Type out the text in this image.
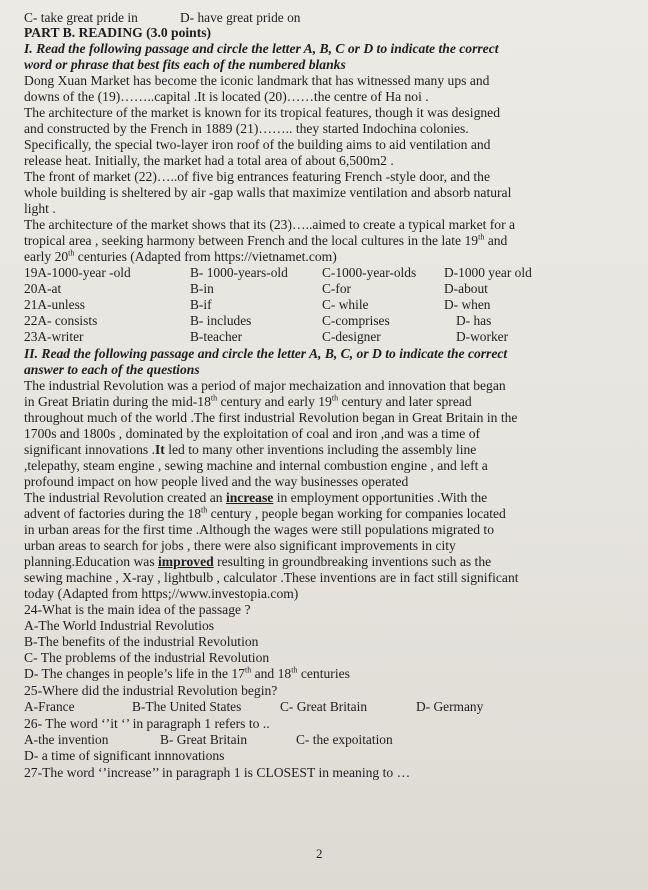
C- take great pride in	D- have great pride on
PART B. READING (3.0 points)
I. Read the following passage and circle the letter A, B, C or D to indicate the correct
word or phrase that best fits each of the numbered blanks
Dong Xuan Market has become the iconic landmark that has witnessed many ups and
downs of the (19)……..capital .It is located (20)……the centre of Ha noi .
The architecture of the market is known for its tropical features, though it was designed
and constructed by the French in 1889 (21)…….. they started Indochina colonies.
Specifically, the special two-layer iron roof of the building aims to aid ventilation and
release heat. Initially, the market had a total area of about 6,500m2 .
The front of market (22)…..of five big entrances featuring French -style door, and the
whole building is sheltered by air -gap walls that maximize ventilation and absorb natural
light .
The architecture of the market shows that its (23)…..aimed to create a typical market for a
tropical area , seeking harmony between French and the local cultures in the late 19th and
early 20th centuries (Adapted from https://vietnamet.com)
19A-1000-year -old	B- 1000-years-old	C-1000-year-olds D-1000 year old
20A-at	B-in	C-for	D-about
21A-unless	B-if	C- while	D- when
22A- consists	B- includes	C-comprises	D- has
23A-writer	B-teacher	C-designer	D-worker
II. Read the following passage and circle the letter A, B, C, or D to indicate the correct
answer to each of the questions
The industrial Revolution was a period of major mechaization and innovation that began
in Great Briatin during the mid-18th century and early 19th century and later spread
throughout much of the world .The first industrial Revolution began in Great Britain in the
1700s and 1800s , dominated by the exploitation of coal and iron ,and was a time of
significant innovations .It led to many other inventions including the assembly line
,telepathy, steam engine , sewing machine and internal combustion engine , and left a
profound impact on how people lived and the way businesses operated
The industrial Revolution created an increase in employment opportunities .With the
advent of factories during the 18th century , people began working for companies located
in urban areas for the first time .Although the wages were still populations migrated to
urban areas to search for jobs , there were also significant improvements in city
planning.Education was improved resulting in groundbreaking inventions such as the
sewing machine , X-ray , lightbulb , calculator .These inventions are in fact still significant
today (Adapted from https;//www.investopia.com)
24-What is the main idea of the passage ?
A-The World Industrial Revolutios
B-The benefits of the industrial Revolution
C- The problems of the industrial Revolution
D- The changes in people’s life in the 17th and 18th centuries
25-Where did the industrial Revolution begin?
A-France	B-The United States	C- Great Britain	D- Germany
26- The word ‘’it ‘’ in paragraph 1 refers to ..
A-the invention	B- Great Britain	C- the expoitation
D- a time of significant innnovations
27-The word ‘’increase’’ in paragraph 1 is CLOSEST in meaning to …
2
